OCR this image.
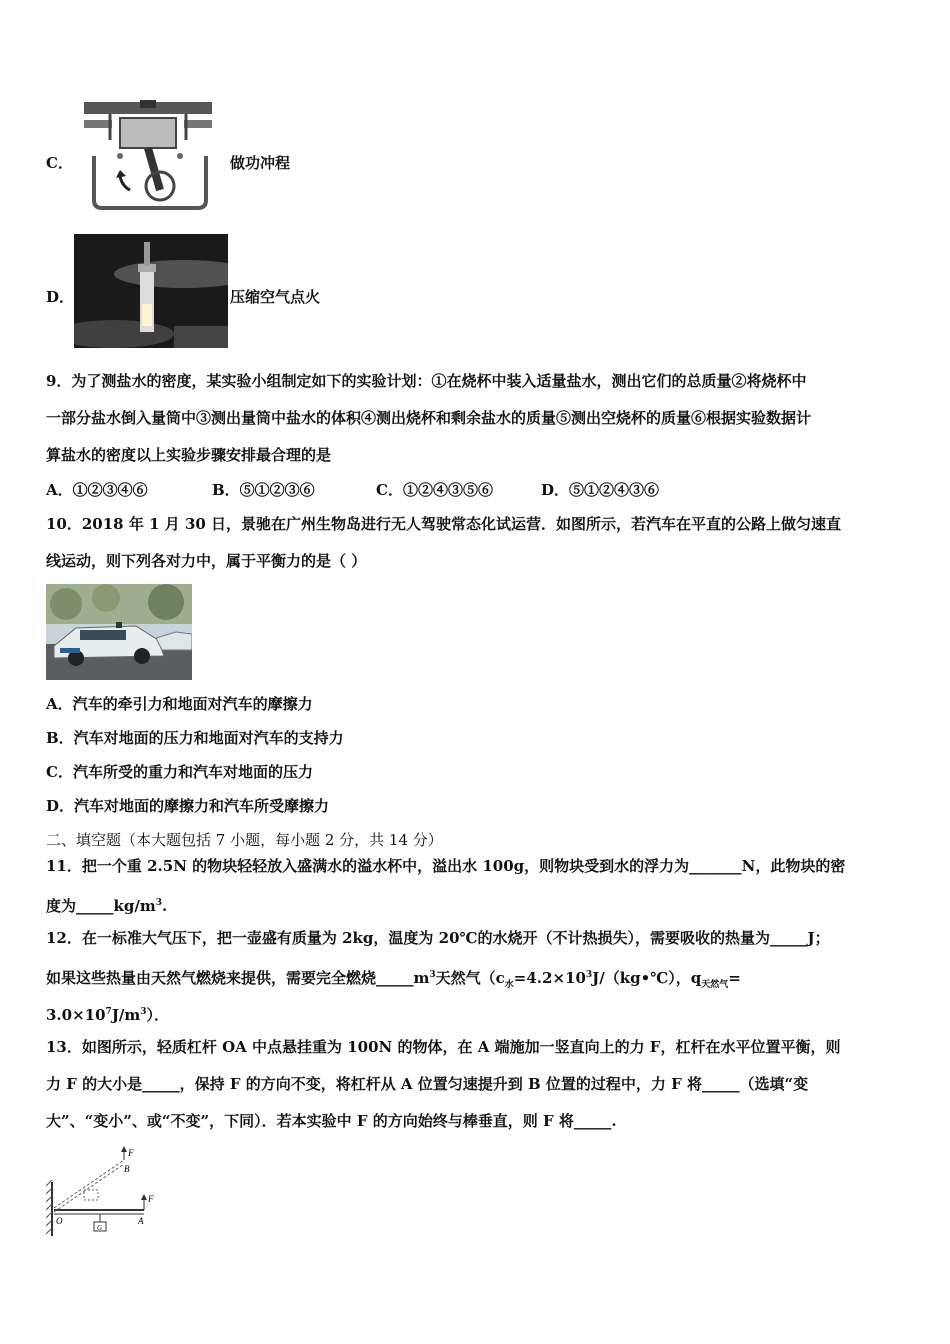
C．	做功冲程
D．	压缩空气点火
9．为了测盐水的密度，某实验小组制定如下的实验计划：①在烧杯中装入适量盐水，测出它们的总质量②将烧杯中
一部分盐水倒入量筒中③测出量筒中盐水的体积④测出烧杯和剩余盐水的质量⑤测出空烧杯的质量⑥根据实验数据计
算盐水的密度以上实验步骤安排最合理的是
A．①②③④⑥	B．⑤①②③⑥	C．①②④③⑤⑥	D．⑤①②④③⑥
10．2018 年 1 月 30 日，景驰在广州生物岛进行无人驾驶常态化试运营．如图所示，若汽车在平直的公路上做匀速直
线运动，则下列各对力中，属于平衡力的是（ ）
A．汽车的牵引力和地面对汽车的摩擦力
B．汽车对地面的压力和地面对汽车的支持力
C．汽车所受的重力和汽车对地面的压力
D．汽车对地面的摩擦力和汽车所受摩擦力
二、填空题（本大题包括 7 小题，每小题 2 分，共 14 分）
11．把一个重 2.5N 的物块轻轻放入盛满水的溢水杯中，溢出水 100g，则物块受到水的浮力为_______N，此物块的密
度为$\_\_\_\_\_kg/m^3$.
12．在一标准大气压下，把一壶盛有质量为 2kg，温度为 20℃的水烧开（不计热损失），需要吸收的热量为_____J；
如果这些热量由天然气燃烧来提供，需要完全燃烧$\_\_\_\_\_m^3$天然气（$c_水=4.2\times 10^3J/(kg•℃)$，$q_{天然气}=$
$3.0\times 10^7J/m^3$）．
13．如图所示，轻质杠杆 OA 中点悬挂重为 100N 的物体，在 A 端施加一竖直向上的力 F，杠杆在水平位置平衡，则
力 F 的大小是_____，保持 F 的方向不变，将杠杆从 A 位置匀速提升到 B 位置的过程中，力 F 将_____（选填“变
大”、“变小”、或“不变”，下同）．若本实验中 F 的方向始终与棒垂直，则 F 将_____.
F
B
F
O	A
G
